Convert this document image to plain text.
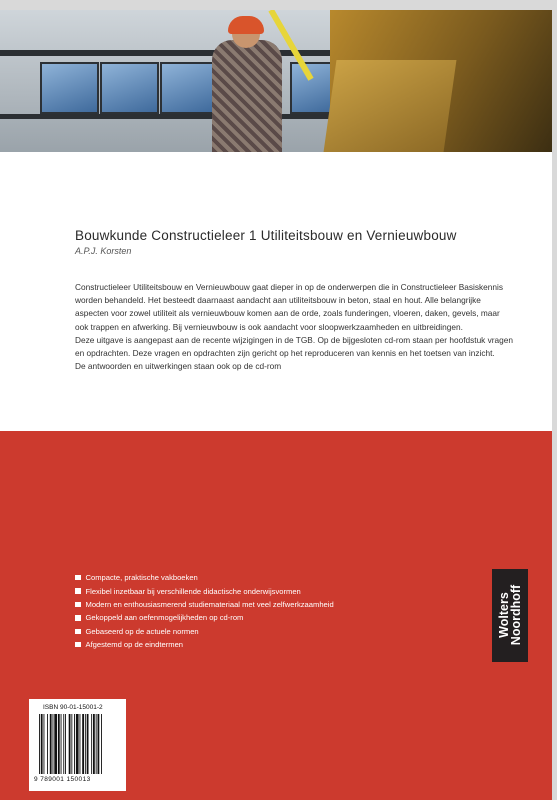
Bouwkunde Constructieleer 1 Utiliteitsbouw en Vernieuwbouw
A.P.J. Korsten

Constructieleer Utiliteitsbouw en Vernieuwbouw gaat dieper in op de onderwerpen die in Constructieleer Basiskennis worden behandeld. Het besteedt daarnaast aandacht aan utiliteitsbouw in beton, staal en hout. Alle belangrijke aspecten voor zowel utiliteit als vernieuwbouw komen aan de orde, zoals funderingen, vloeren, daken, gevels, maar ook trappen en afwerking. Bij vernieuwbouw is ook aandacht voor sloopwerkzaamheden en uitbreidingen.

Deze uitgave is aangepast aan de recente wijzigingen in de TGB. Op de bijgesloten cd-rom staan per hoofdstuk vragen en opdrachten. Deze vragen en opdrachten zijn gericht op het reproduceren van kennis en het toetsen van inzicht.

De antwoorden en uitwerkingen staan ook op de cd-rom

Compacte, praktische vakboeken
Flexibel inzetbaar bij verschillende didactische onderwijsvormen
Modern en enthousiasmerend studiemateriaal met veel zelfwerkzaamheid
Gekoppeld aan oefenmogelijkheden op cd-rom
Gebaseerd op de actuele normen
Afgestemd op de eindtermen
Wolters
Noordhoff
ISBN 90-01-15001-2
9 789001 150013
